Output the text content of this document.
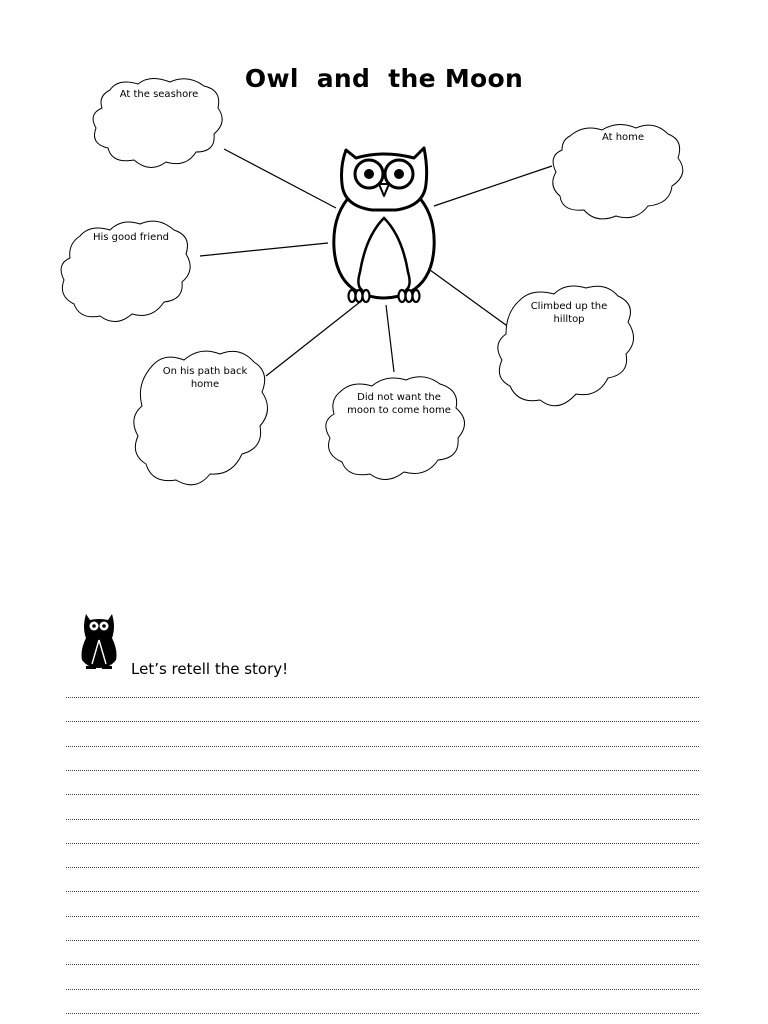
Owl  and  the Moon
At the seashore
At home
His good friend
Climbed up the
hilltop
On his path back
home
Did not want the
moon to come home
Let’s retell the story!
